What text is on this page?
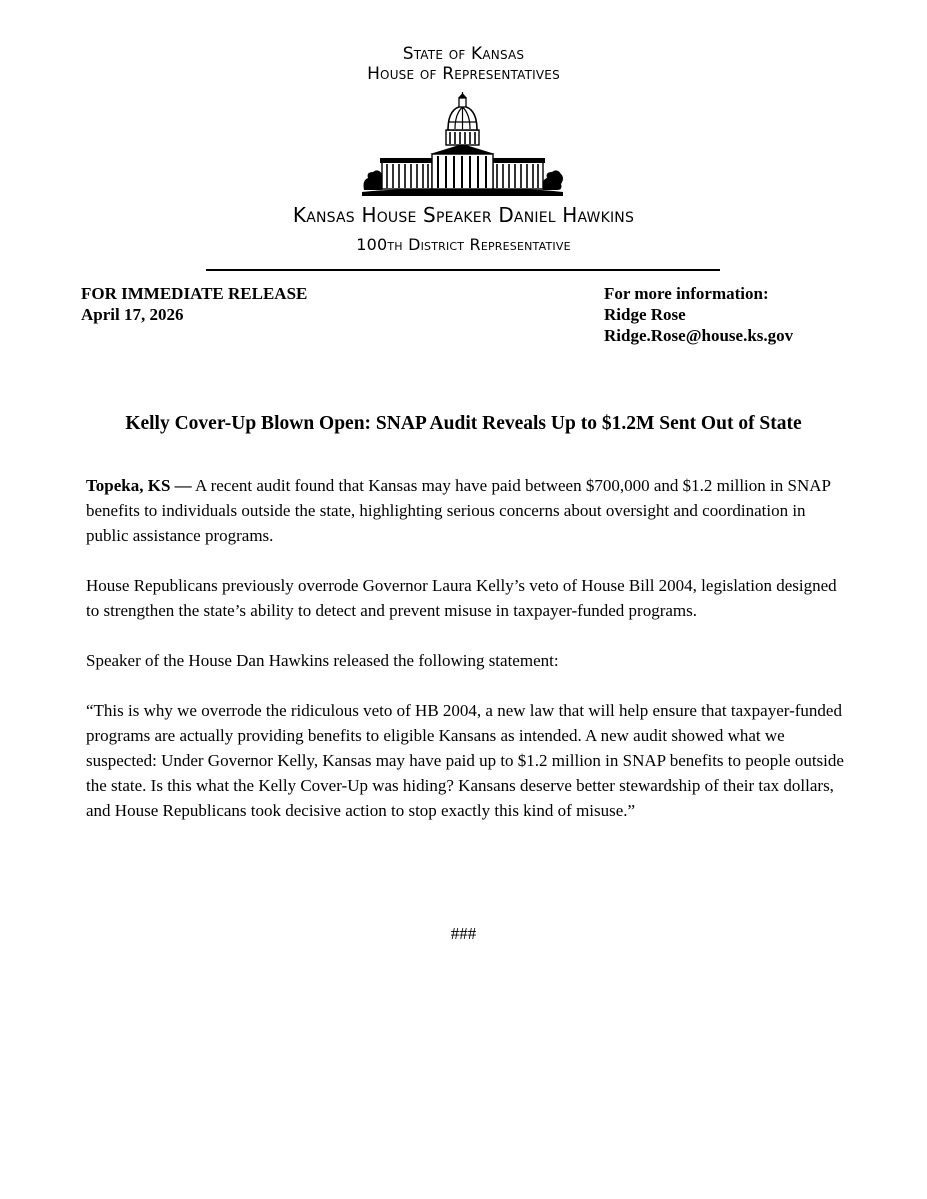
State of Kansas

House of Representatives

Kansas House Speaker Daniel Hawkins

100th District Representative

FOR IMMEDIATE RELEASE
April 17, 2026
For more information:
Ridge Rose
Ridge.Rose@house.ks.gov
Kelly Cover-Up Blown Open: SNAP Audit Reveals Up to $1.2M Sent Out of State

Topeka, KS — A recent audit found that Kansas may have paid between $700,000 and $1.2 million in SNAP benefits to individuals outside the state, highlighting serious concerns about oversight and coordination in public assistance programs.

House Republicans previously overrode Governor Laura Kelly’s veto of House Bill 2004, legislation designed to strengthen the state’s ability to detect and prevent misuse in taxpayer-funded programs.

Speaker of the House Dan Hawkins released the following statement:

“This is why we overrode the ridiculous veto of HB 2004, a new law that will help ensure that taxpayer-funded programs are actually providing benefits to eligible Kansans as intended. A new audit showed what we suspected: Under Governor Kelly, Kansas may have paid up to $1.2 million in SNAP benefits to people outside the state. Is this what the Kelly Cover-Up was hiding? Kansans deserve better stewardship of their tax dollars, and House Republicans took decisive action to stop exactly this kind of misuse.”

###
